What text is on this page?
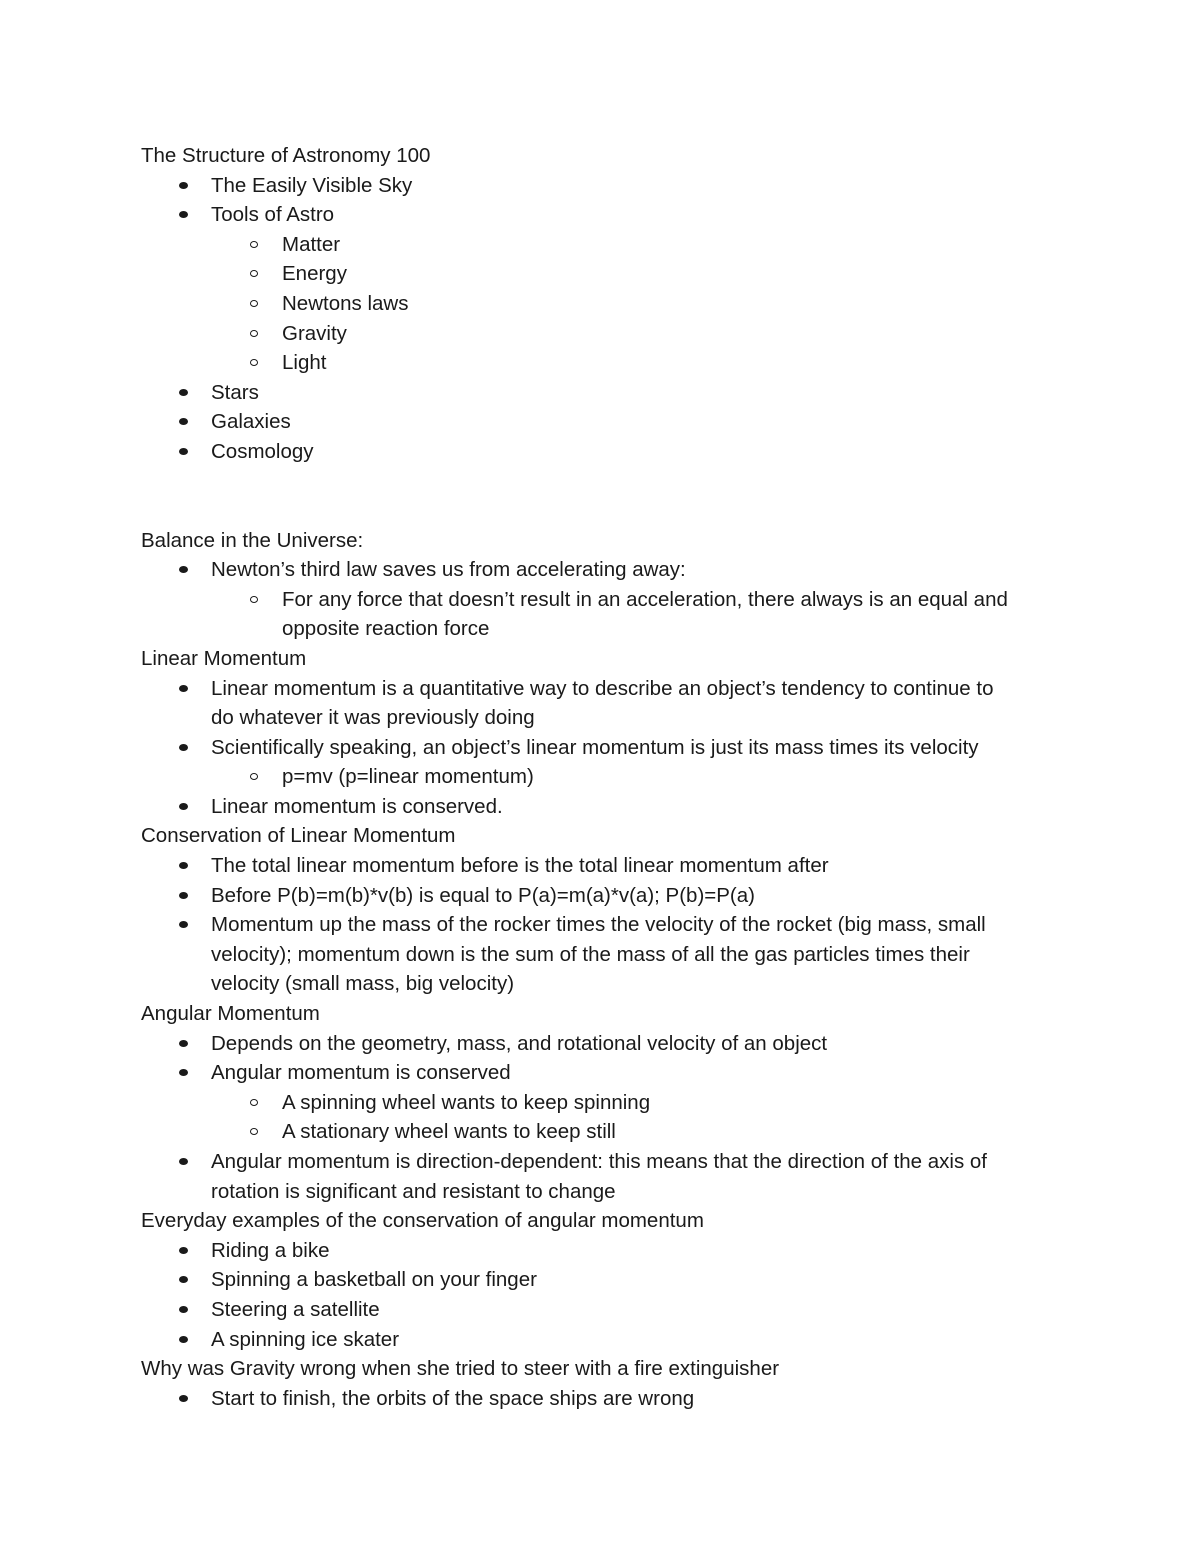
The Structure of Astronomy 100
The Easily Visible Sky
Tools of Astro
Matter
Energy
Newtons laws
Gravity
Light
Stars
Galaxies
Cosmology
Balance in the Universe:
Newton’s third law saves us from accelerating away:
For any force that doesn’t result in an acceleration, there always is an equal and
opposite reaction force
Linear Momentum
Linear momentum is a quantitative way to describe an object’s tendency to continue to
do whatever it was previously doing
Scientifically speaking, an object’s linear momentum is just its mass times its velocity
p=mv (p=linear momentum)
Linear momentum is conserved.
Conservation of Linear Momentum
The total linear momentum before is the total linear momentum after
Before P(b)=m(b)*v(b) is equal to P(a)=m(a)*v(a); P(b)=P(a)
Momentum up the mass of the rocker times the velocity of the rocket (big mass, small
velocity); momentum down is the sum of the mass of all the gas particles times their
velocity (small mass, big velocity)
Angular Momentum
Depends on the geometry, mass, and rotational velocity of an object
Angular momentum is conserved
A spinning wheel wants to keep spinning
A stationary wheel wants to keep still
Angular momentum is direction-dependent: this means that the direction of the axis of
rotation is significant and resistant to change
Everyday examples of the conservation of angular momentum
Riding a bike
Spinning a basketball on your finger
Steering a satellite
A spinning ice skater
Why was Gravity wrong when she tried to steer with a fire extinguisher
Start to finish, the orbits of the space ships are wrong
